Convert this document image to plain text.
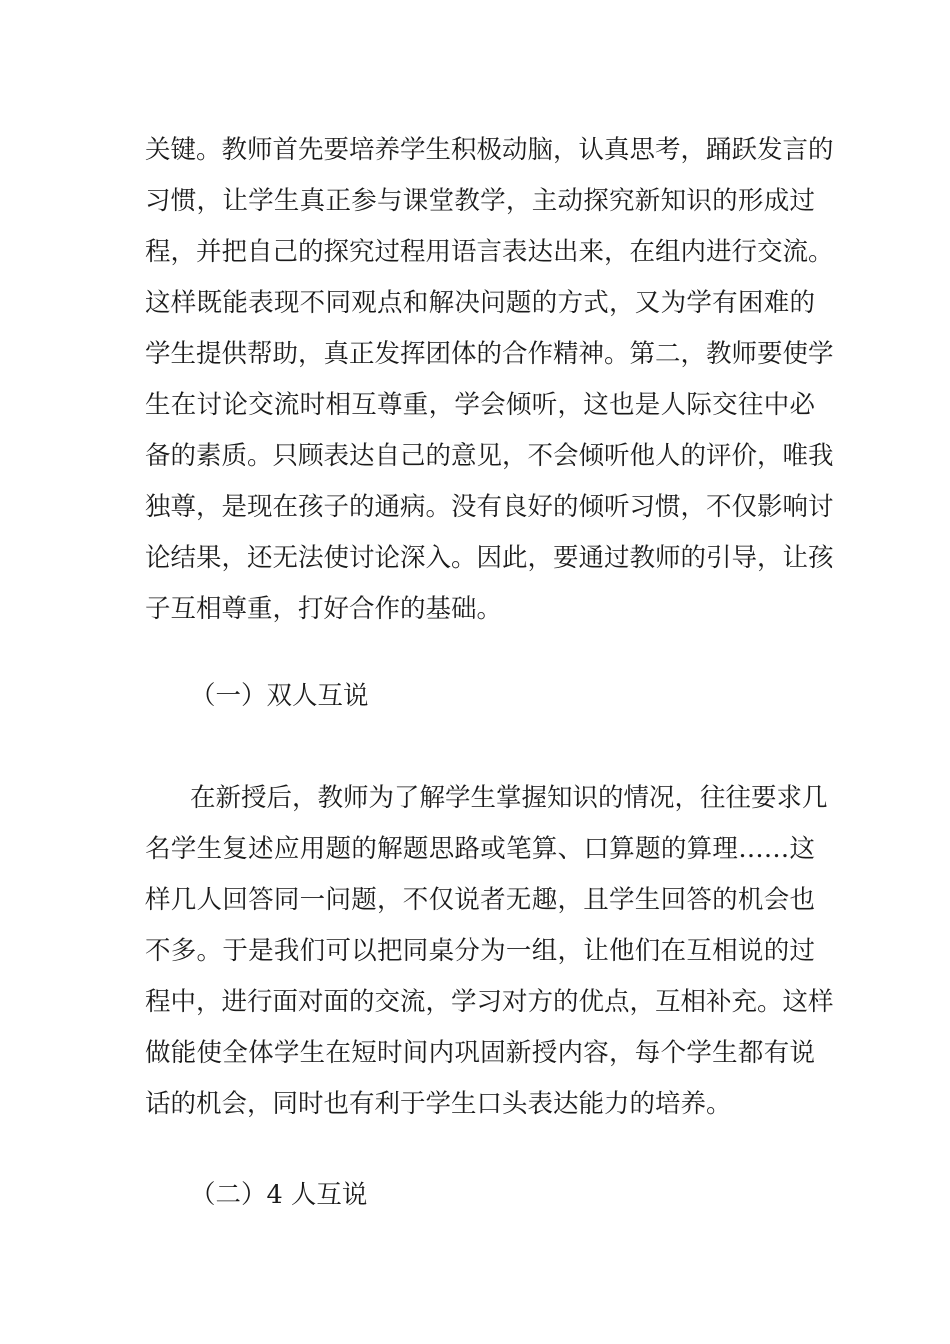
关键。教师首先要培养学生积极动脑，认真思考，踊跃发言的
习惯，让学生真正参与课堂教学，主动探究新知识的形成过
程，并把自己的探究过程用语言表达出来，在组内进行交流。
这样既能表现不同观点和解决问题的方式，又为学有困难的
学生提供帮助，真正发挥团体的合作精神。第二，教师要使学
生在讨论交流时相互尊重，学会倾听，这也是人际交往中必
备的素质。只顾表达自己的意见，不会倾听他人的评价，唯我
独尊，是现在孩子的通病。没有良好的倾听习惯，不仅影响讨
论结果，还无法使讨论深入。因此，要通过教师的引导，让孩
子互相尊重，打好合作的基础。
（一）双人互说
在新授后，教师为了解学生掌握知识的情况，往往要求几
名学生复述应用题的解题思路或笔算、口算题的算理……这
样几人回答同一问题，不仅说者无趣，且学生回答的机会也
不多。于是我们可以把同桌分为一组，让他们在互相说的过
程中，进行面对面的交流，学习对方的优点，互相补充。这样
做能使全体学生在短时间内巩固新授内容，每个学生都有说
话的机会，同时也有利于学生口头表达能力的培养。
（二）4 人互说
